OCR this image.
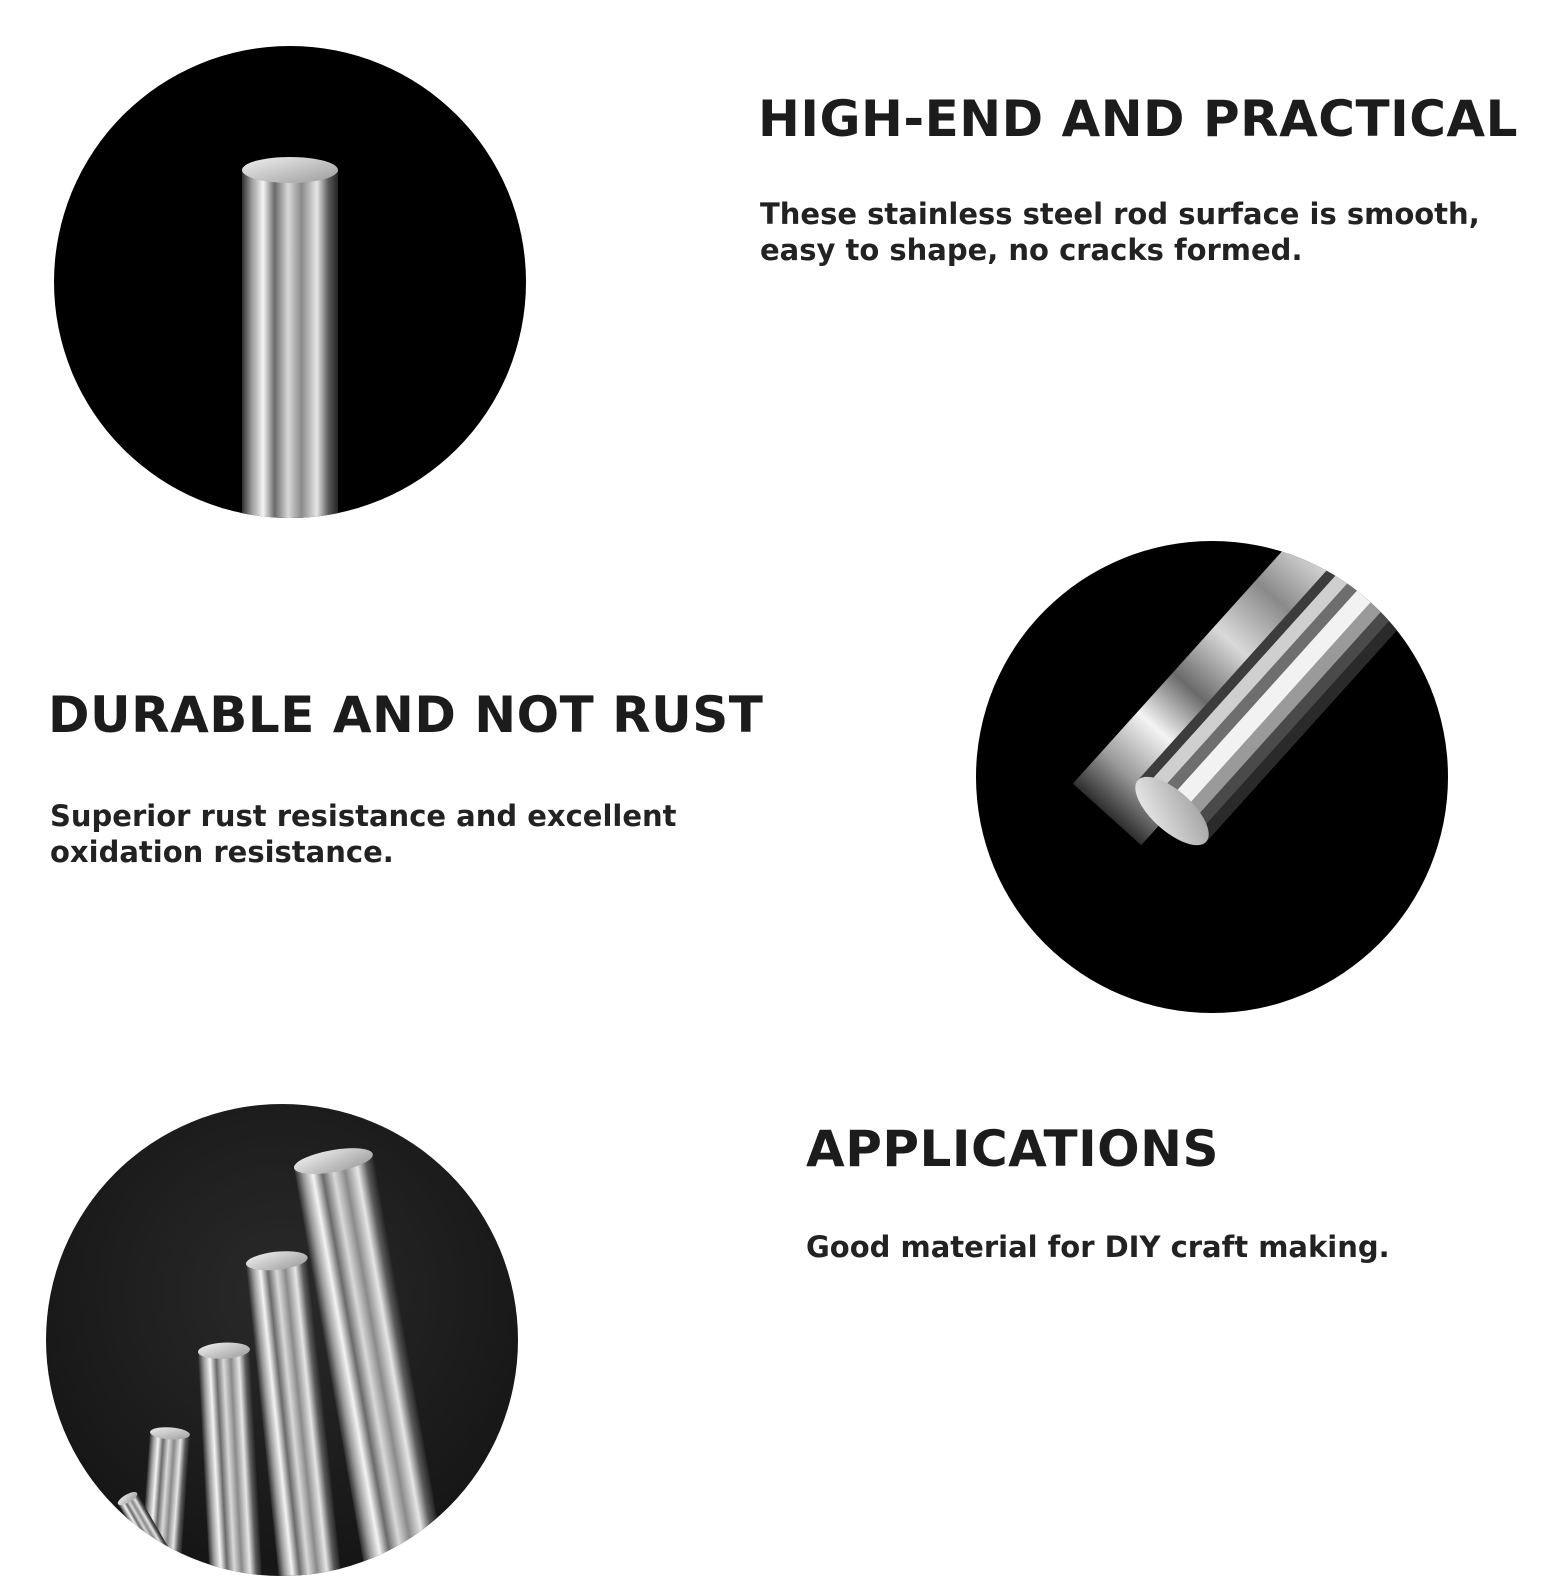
HIGH-END AND PRACTICAL

These stainless steel rod surface is smooth, easy to shape, no cracks formed.

DURABLE AND NOT RUST

Superior rust resistance and excellent oxidation resistance.

APPLICATIONS

Good material for DIY craft making.
